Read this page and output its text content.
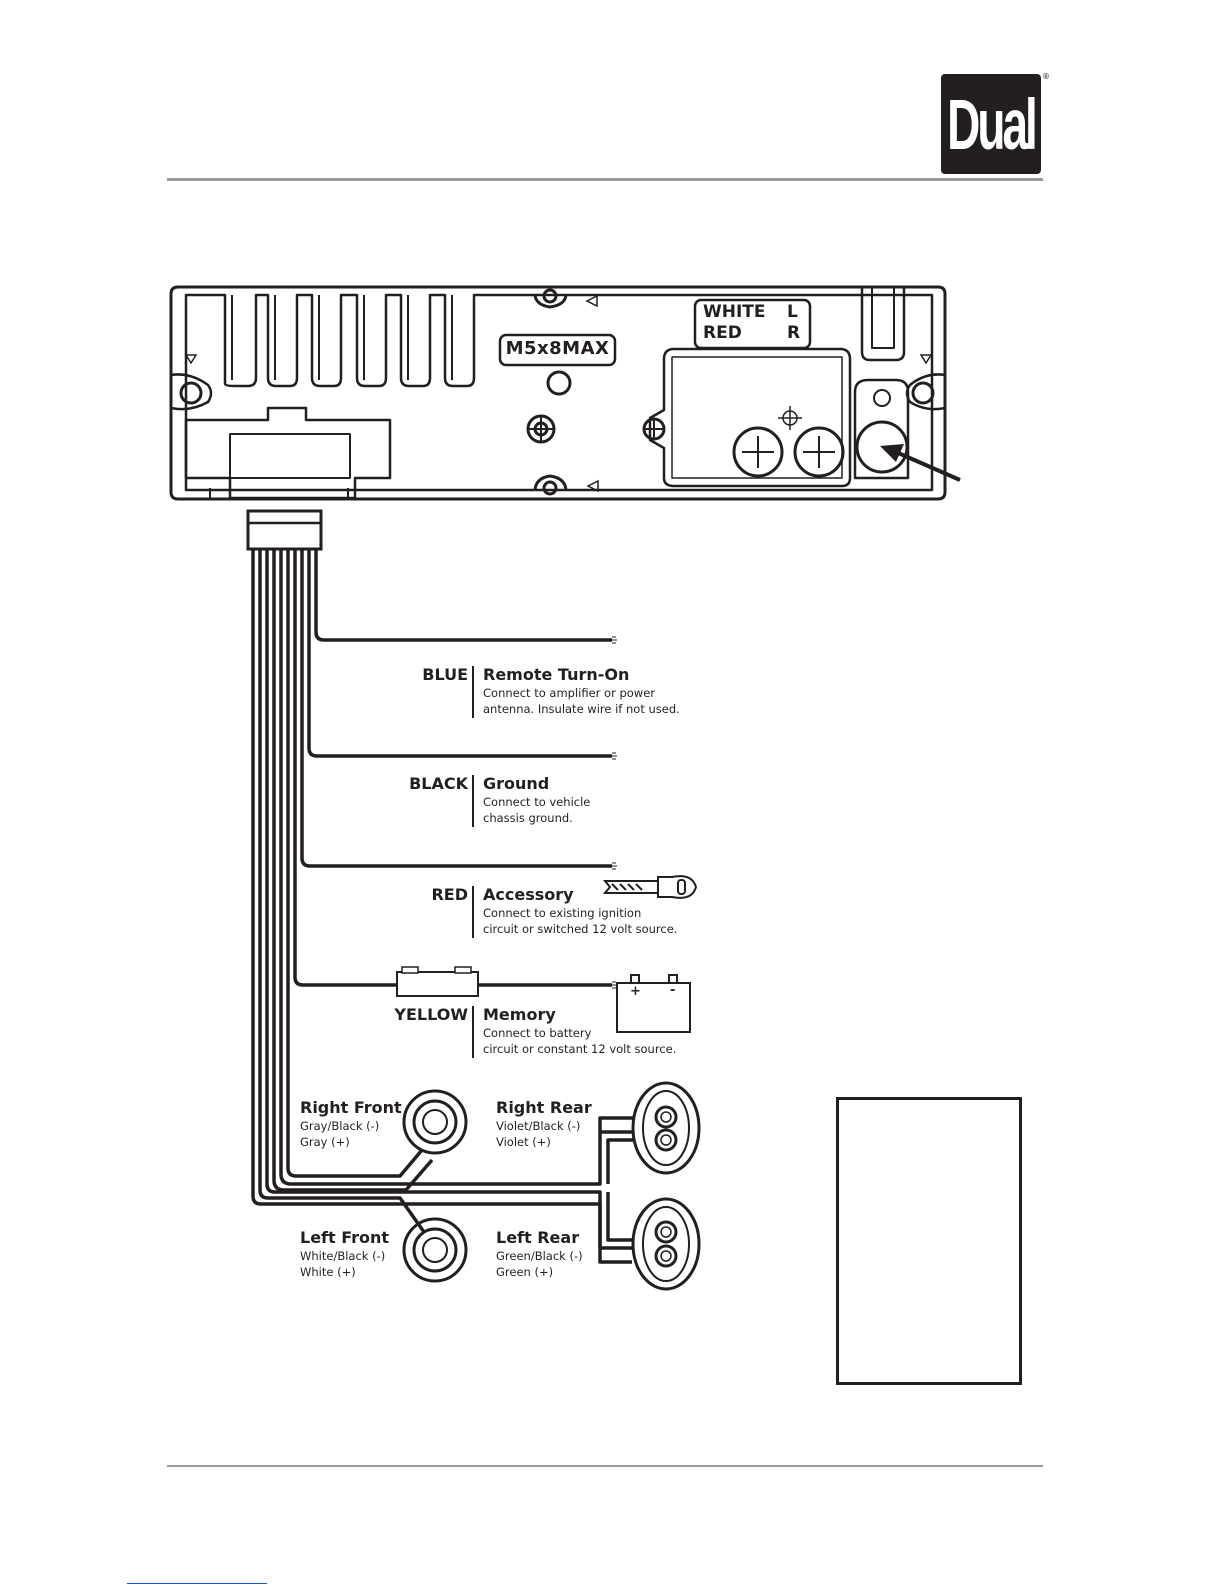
Dual
®
M5x8MAX
WHITE
RED
L
R
BLUE Remote Turn-On
Connect to amplifier or power
antenna. Insulate wire if not used.
BLACK Ground
Connect to vehicle
chassis ground.
RED Accessory
Connect to existing ignition
circuit or switched 12 volt source.
YELLOW Memory
Connect to battery
circuit or constant 12 volt source.
+ -
Right Front
Gray/Black (-)
Gray (+)
Right Rear
Violet/Black (-)
Violet (+)
Left Front
White/Black (-)
White (+)
Left Rear
Green/Black (-)
Green (+)
